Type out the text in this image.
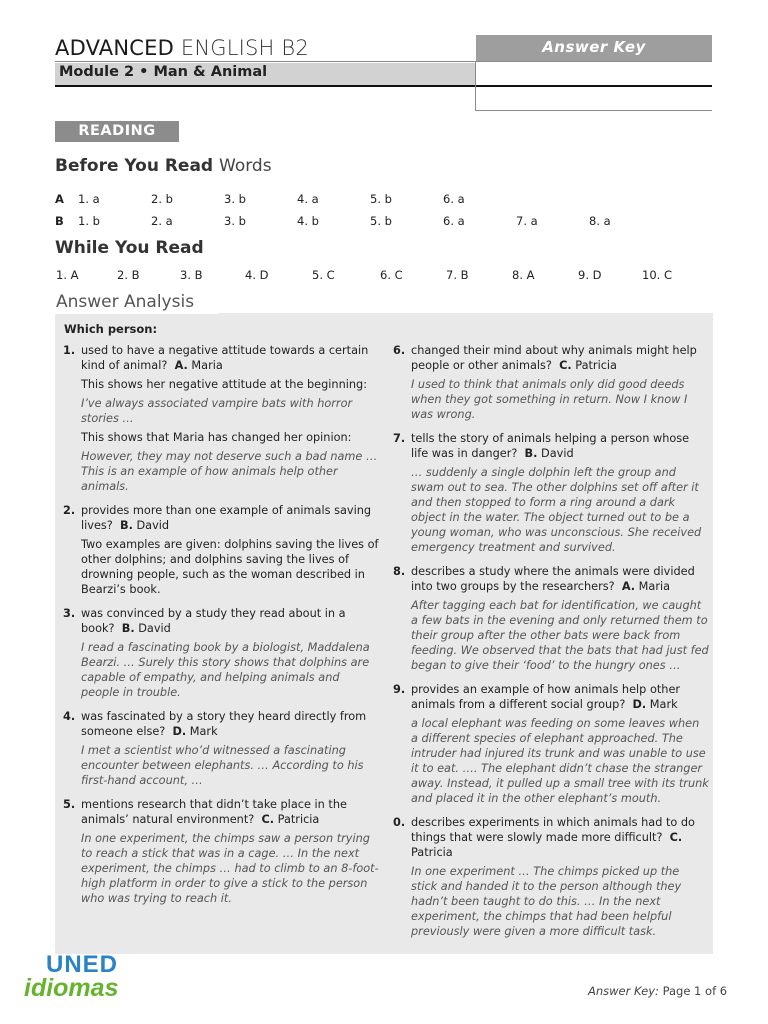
ADVANCED ENGLISH B2	Answer Key
Module 2 • Man & Animal
READING
Before You Read Words
A 1. a	2. b	3. b	4. a	5. b	6. a
B 1. b	2. a	3. b	4. b	5. b	6. a	7. a	8. a
While You Read
1. A	2. B	3. B	4. D	5. C	6. C	7. B	8. A	9. D	10. C
Answer Analysis
Which person:
1. used to have a negative attitude towards a certain kind of animal? A. Maria

This shows her negative attitude at the beginning:

I’ve always associated vampire bats with horror stories …

This shows that Maria has changed her opinion:

However, they may not deserve such a bad name … This is an example of how animals help other animals.

2. provides more than one example of animals saving lives? B. David

Two examples are given: dolphins saving the lives of other dolphins; and dolphins saving the lives of drowning people, such as the woman described in Bearzi’s book.

3. was convinced by a study they read about in a book? B. David

I read a fascinating book by a biologist, Maddalena Bearzi. … Surely this story shows that dolphins are capable of empathy, and helping animals and people in trouble.

4. was fascinated by a story they heard directly from someone else? D. Mark

I met a scientist who’d witnessed a fascinating encounter between elephants. … According to his first-hand account, …

5. mentions research that didn’t take place in the animals’ natural environment? C. Patricia

In one experiment, the chimps saw a person trying to reach a stick that was in a cage. … In the next experiment, the chimps … had to climb to an 8-foot-high platform in order to give a stick to the person who was trying to reach it.

6. changed their mind about why animals might help people or other animals? C. Patricia

I used to think that animals only did good deeds when they got something in return. Now I know I was wrong.

7. tells the story of animals helping a person whose life was in danger? B. David

… suddenly a single dolphin left the group and swam out to sea. The other dolphins set off after it and then stopped to form a ring around a dark object in the water. The object turned out to be a young woman, who was unconscious. She received emergency treatment and survived.

8. describes a study where the animals were divided into two groups by the researchers? A. Maria

After tagging each bat for identification, we caught a few bats in the evening and only returned them to their group after the other bats were back from feeding. We observed that the bats that had just fed began to give their ‘food’ to the hungry ones …

9. provides an example of how animals help other animals from a different social group? D. Mark

a local elephant was feeding on some leaves when a different species of elephant approached. The intruder had injured its trunk and was unable to use it to eat. …. The elephant didn’t chase the stranger away. Instead, it pulled up a small tree with its trunk and placed it in the other elephant’s mouth.

0. describes experiments in which animals had to do things that were slowly made more difficult? C. Patricia

In one experiment … The chimps picked up the stick and handed it to the person although they hadn’t been taught to do this. … In the next experiment, the chimps that had been helpful previously were given a more difficult task.

UNED
idiomas	Answer Key: Page 1 of 6
